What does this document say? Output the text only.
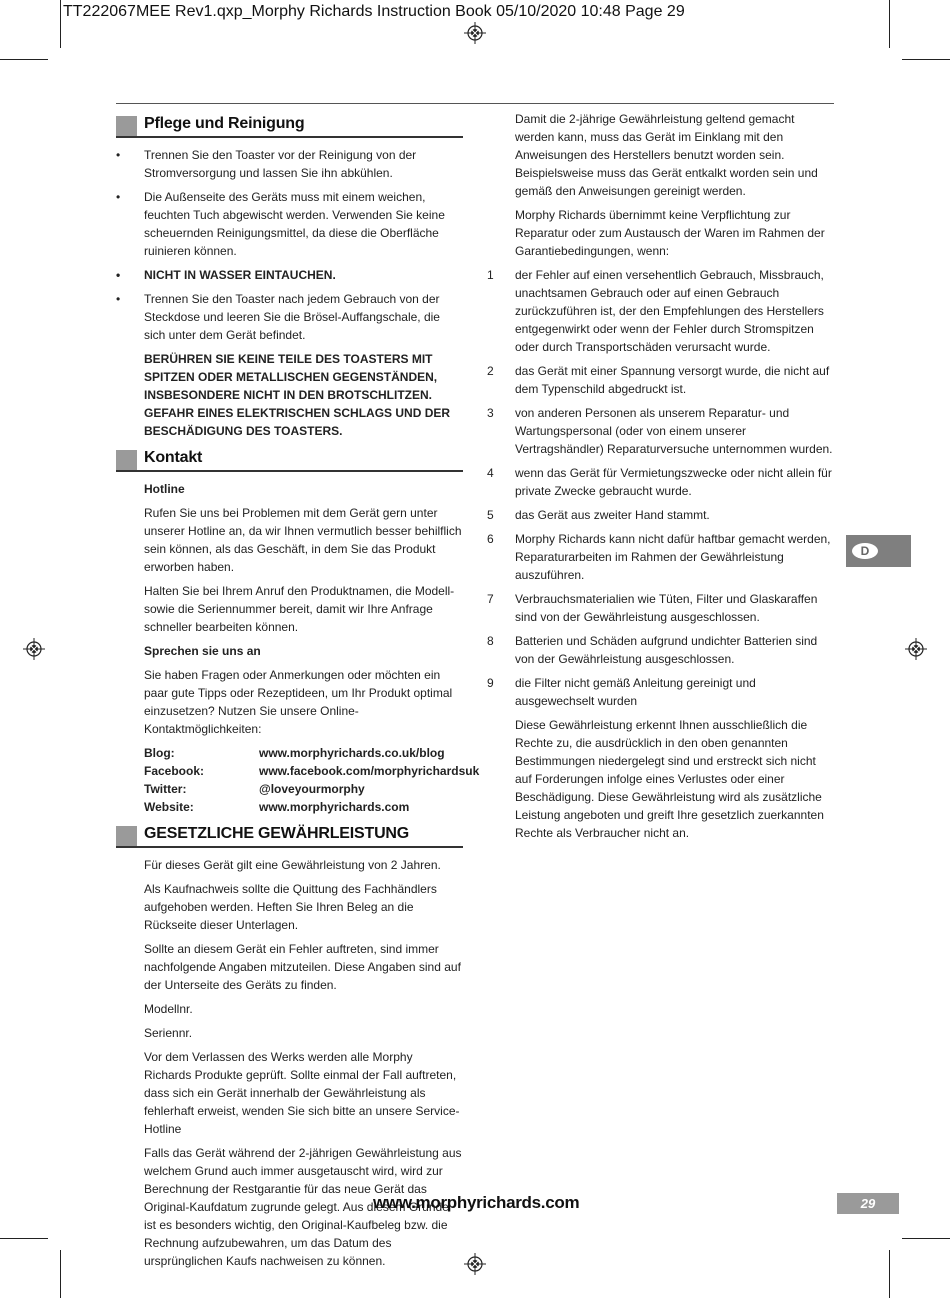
TT222067MEE Rev1.qxp_Morphy Richards Instruction Book 05/10/2020 10:48 Page 29
Pflege und Reinigung
• Trennen Sie den Toaster vor der Reinigung von der Stromversorgung und lassen Sie ihn abkühlen.
• Die Außenseite des Geräts muss mit einem weichen, feuchten Tuch abgewischt werden. Verwenden Sie keine scheuernden Reinigungsmittel, da diese die Oberfläche ruinieren können.
• NICHT IN WASSER EINTAUCHEN.
• Trennen Sie den Toaster nach jedem Gebrauch von der Steckdose und leeren Sie die Brösel-Auffangschale, die sich unter dem Gerät befindet.
BERÜHREN SIE KEINE TEILE DES TOASTERS MIT SPITZEN ODER METALLISCHEN GEGENSTÄNDEN, INSBESONDERE NICHT IN DEN BROTSCHLITZEN. GEFAHR EINES ELEKTRISCHEN SCHLAGS UND DER BESCHÄDIGUNG DES TOASTERS.
Kontakt
Hotline
Rufen Sie uns bei Problemen mit dem Gerät gern unter unserer Hotline an, da wir Ihnen vermutlich besser behilflich sein können, als das Geschäft, in dem Sie das Produkt erworben haben.
Halten Sie bei Ihrem Anruf den Produktnamen, die Modell- sowie die Seriennummer bereit, damit wir Ihre Anfrage schneller bearbeiten können.
Sprechen sie uns an
Sie haben Fragen oder Anmerkungen oder möchten ein paar gute Tipps oder Rezeptideen, um Ihr Produkt optimal einzusetzen? Nutzen Sie unsere Online-Kontaktmöglichkeiten:
Blog:	www.morphyrichards.co.uk/blog
Facebook:	www.facebook.com/morphyrichardsuk
Twitter:	@loveyourmorphy
Website:	www.morphyrichards.com
GESETZLICHE GEWÄHRLEISTUNG
Für dieses Gerät gilt eine Gewährleistung von 2 Jahren.
Als Kaufnachweis sollte die Quittung des Fachhändlers aufgehoben werden. Heften Sie Ihren Beleg an die Rückseite dieser Unterlagen.
Sollte an diesem Gerät ein Fehler auftreten, sind immer nachfolgende Angaben mitzuteilen. Diese Angaben sind auf der Unterseite des Geräts zu finden.
Modellnr.
Seriennr.
Vor dem Verlassen des Werks werden alle Morphy Richards Produkte geprüft. Sollte einmal der Fall auftreten, dass sich ein Gerät innerhalb der Gewährleistung als fehlerhaft erweist, wenden Sie sich bitte an unsere Service-Hotline
Falls das Gerät während der 2-jährigen Gewährleistung aus welchem Grund auch immer ausgetauscht wird, wird zur Berechnung der Restgarantie für das neue Gerät das Original-Kaufdatum zugrunde gelegt. Aus diesem Grunde ist es besonders wichtig, den Original-Kaufbeleg bzw. die Rechnung aufzubewahren, um das Datum des ursprünglichen Kaufs nachweisen zu können.
Damit die 2-jährige Gewährleistung geltend gemacht werden kann, muss das Gerät im Einklang mit den Anweisungen des Herstellers benutzt worden sein. Beispielsweise muss das Gerät entkalkt worden sein und gemäß den Anweisungen gereinigt werden.
Morphy Richards übernimmt keine Verpflichtung zur Reparatur oder zum Austausch der Waren im Rahmen der Garantiebedingungen, wenn:
1 der Fehler auf einen versehentlich Gebrauch, Missbrauch, unachtsamen Gebrauch oder auf einen Gebrauch zurückzuführen ist, der den Empfehlungen des Herstellers entgegenwirkt oder wenn der Fehler durch Stromspitzen oder durch Transportschäden verursacht wurde.
2 das Gerät mit einer Spannung versorgt wurde, die nicht auf dem Typenschild abgedruckt ist.
3 von anderen Personen als unserem Reparatur- und Wartungspersonal (oder von einem unserer Vertragshändler) Reparaturversuche unternommen wurden.
4 wenn das Gerät für Vermietungszwecke oder nicht allein für private Zwecke gebraucht wurde.
5 das Gerät aus zweiter Hand stammt.
6 Morphy Richards kann nicht dafür haftbar gemacht werden, Reparaturarbeiten im Rahmen der Gewährleistung auszuführen.
7 Verbrauchsmaterialien wie Tüten, Filter und Glaskaraffen sind von der Gewährleistung ausgeschlossen.
8 Batterien und Schäden aufgrund undichter Batterien sind von der Gewährleistung ausgeschlossen.
9 die Filter nicht gemäß Anleitung gereinigt und ausgewechselt wurden
Diese Gewährleistung erkennt Ihnen ausschließlich die Rechte zu, die ausdrücklich in den oben genannten Bestimmungen niedergelegt sind und erstreckt sich nicht auf Forderungen infolge eines Verlustes oder einer Beschädigung. Diese Gewährleistung wird als zusätzliche Leistung angeboten und greift Ihre gesetzlich zuerkannten Rechte als Verbraucher nicht an.
D
www.morphyrichards.com	29
